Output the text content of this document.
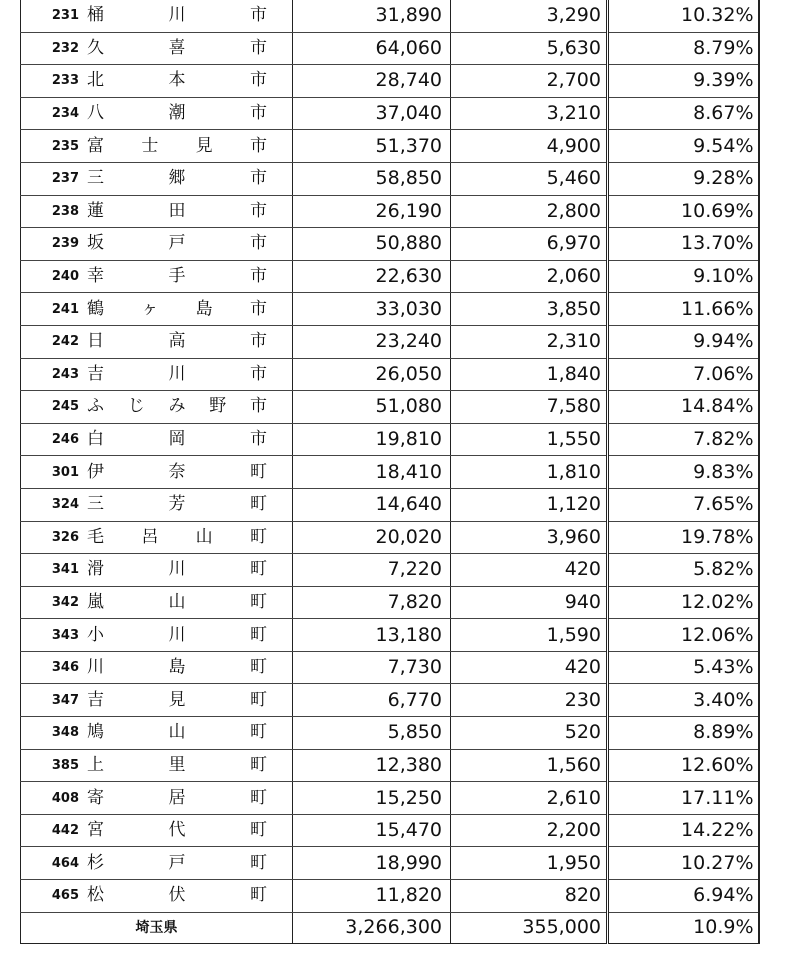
231 桶　川　市	31,890	3,290	10.32%
232 久　喜　市	64,060	5,630	8.79%
233 北　本　市	28,740	2,700	9.39%
234 八　潮　市	37,040	3,210	8.67%
235 富　士　見　市	51,370	4,900	9.54%
237 三　郷　市	58,850	5,460	9.28%
238 蓮　田　市	26,190	2,800	10.69%
239 坂　戸　市	50,880	6,970	13.70%
240 幸　手　市	22,630	2,060	9.10%
241 鶴　ヶ　島　市	33,030	3,850	11.66%
242 日　高　市	23,240	2,310	9.94%
243 吉　川　市	26,050	1,840	7.06%
245 ふ　じ　み　野　市	51,080	7,580	14.84%
246 白　岡　市	19,810	1,550	7.82%
301 伊　奈　町	18,410	1,810	9.83%
324 三　芳　町	14,640	1,120	7.65%
326 毛　呂　山　町	20,020	3,960	19.78%
341 滑　川　町	7,220	420	5.82%
342 嵐　山　町	7,820	940	12.02%
343 小　川　町	13,180	1,590	12.06%
346 川　島　町	7,730	420	5.43%
347 吉　見　町	6,770	230	3.40%
348 鳩　山　町	5,850	520	8.89%
385 上　里　町	12,380	1,560	12.60%
408 寄　居　町	15,250	2,610	17.11%
442 宮　代　町	15,470	2,200	14.22%
464 杉　戸　町	18,990	1,950	10.27%
465 松　伏　町	11,820	820	6.94%
埼玉県	3,266,300	355,000	10.9%
